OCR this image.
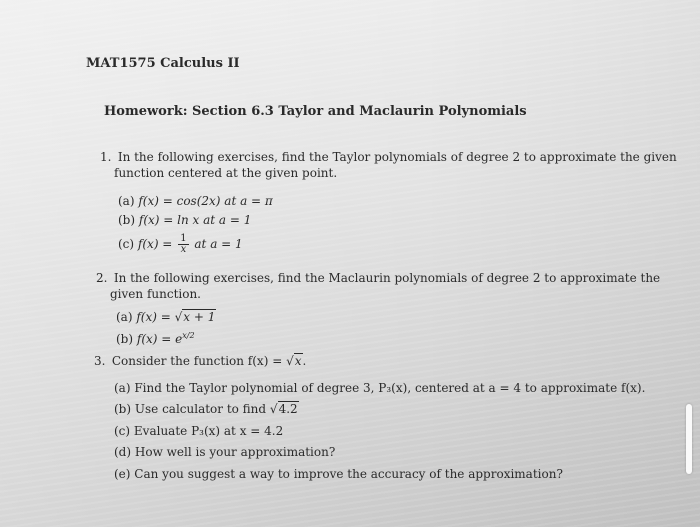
MAT1575 Calculus II
Homework: Section 6.3 Taylor and Maclaurin Polynomials
1. In the following exercises, find the Taylor polynomials of degree 2 to approximate the given
function centered at the given point.
(a) f(x) = cos(2x) at a = π
(b) f(x) = ln x at a = 1
(c) $f(x) = \frac{1}{x}$ at a = 1
2. In the following exercises, find the Maclaurin polynomials of degree 2 to approximate the
given function.
(a) f(x) = √x + 1
(b) $f(x) = e^{x/2}$
3. Consider the function f(x) = √x.
(a) Find the Taylor polynomial of degree 3, P₃(x), centered at a = 4 to approximate f(x).
(b) Use calculator to find √4.2
(c) Evaluate P₃(x) at x = 4.2
(d) How well is your approximation?
(e) Can you suggest a way to improve the accuracy of the approximation?
